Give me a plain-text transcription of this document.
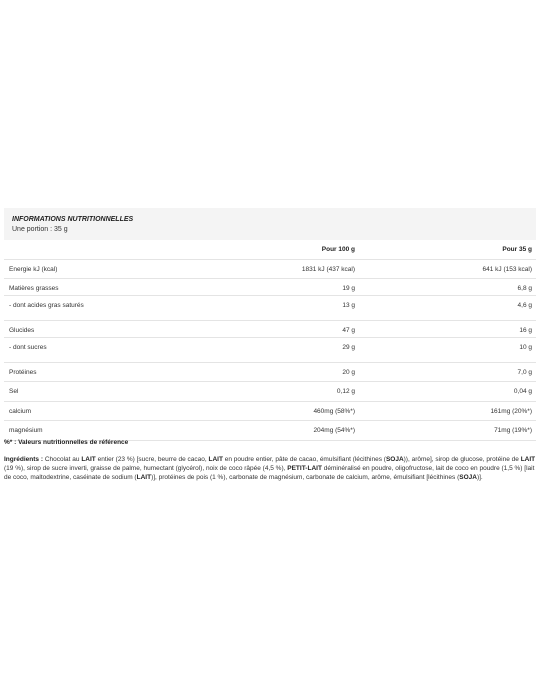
INFORMATIONS NUTRITIONNELLES
Une portion : 35 g
Pour 100 g	Pour 35 g
Energie kJ (kcal)	1831 kJ (437 kcal)	641 kJ (153 kcal)
Matières grasses	19 g	6,8 g
- dont acides gras saturés	13 g	4,6 g
Glucides	47 g	16 g
- dont sucres	29 g	10 g
Protéines	20 g	7,0 g
Sel	0,12 g	0,04 g
calcium	460mg (58%*)	161mg (20%*)
magnésium	204mg (54%*)	71mg (19%*)
%* : Valeurs nutritionnelles de référence
Ingrédients : Chocolat au LAIT entier (23 %) [sucre, beurre de cacao, LAIT en poudre entier, pâte de cacao, émulsifiant (lécithines (SOJA)), arôme], sirop de glucose, protéine de LAIT (19 %), sirop de sucre inverti, graisse de palme, humectant (glycérol), noix de coco râpée (4,5 %), PETIT-LAIT déminéralisé en poudre, oligofructose, lait de coco en poudre (1,5 %) [lait de coco, maltodextrine, caséinate de sodium (LAIT)], protéines de pois (1 %), carbonate de magnésium, carbonate de calcium, arôme, émulsifiant [lécithines (SOJA)].
